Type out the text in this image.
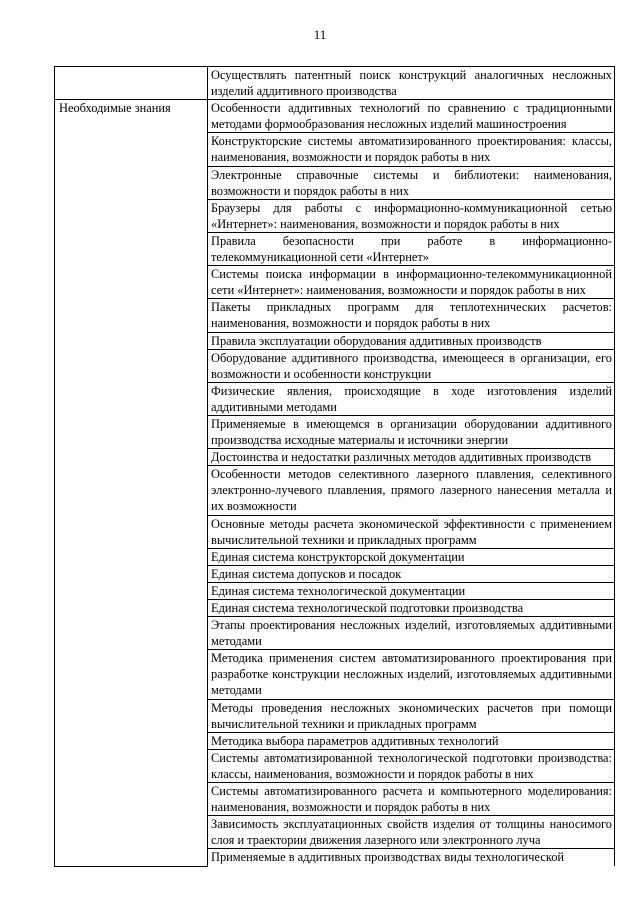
11
	Осуществлять патентный поиск конструкций аналогичных несложных изделий аддитивного производства
Необходимые знания	Особенности аддитивных технологий по сравнению с традиционными методами формообразования несложных изделий машиностроения
	Конструкторские системы автоматизированного проектирования: классы, наименования, возможности и порядок работы в них
	Электронные справочные системы и библиотеки: наименования, возможности и порядок работы в них
	Браузеры для работы с информационно-коммуникационной сетью «Интернет»: наименования, возможности и порядок работы в них
	Правила безопасности при работе в информационно-телекоммуникационной сети «Интернет»
	Системы поиска информации в информационно-телекоммуникационной сети «Интернет»: наименования, возможности и порядок работы в них
	Пакеты прикладных программ для теплотехнических расчетов: наименования, возможности и порядок работы в них
	Правила эксплуатации оборудования аддитивных производств
	Оборудование аддитивного производства, имеющееся в организации, его возможности и особенности конструкции
	Физические явления, происходящие в ходе изготовления изделий аддитивными методами
	Применяемые в имеющемся в организации оборудовании аддитивного производства исходные материалы и источники энергии
	Достоинства и недостатки различных методов аддитивных производств
	Особенности методов селективного лазерного плавления, селективного электронно-лучевого плавления, прямого лазерного нанесения металла и их возможности
	Основные методы расчета экономической эффективности с применением вычислительной техники и прикладных программ
	Единая система конструкторской документации
	Единая система допусков и посадок
	Единая система технологической документации
	Единая система технологической подготовки производства
	Этапы проектирования несложных изделий, изготовляемых аддитивными методами
	Методика применения систем автоматизированного проектирования при разработке конструкции несложных изделий, изготовляемых аддитивными методами
	Методы проведения несложных экономических расчетов при помощи вычислительной техники и прикладных программ
	Методика выбора параметров аддитивных технологий
	Системы автоматизированной технологической подготовки производства: классы, наименования, возможности и порядок работы в них
	Системы автоматизированного расчета и компьютерного моделирования: наименования, возможности и порядок работы в них
	Зависимость эксплуатационных свойств изделия от толщины наносимого слоя и траектории движения лазерного или электронного луча
	Применяемые в аддитивных производствах виды технологической
